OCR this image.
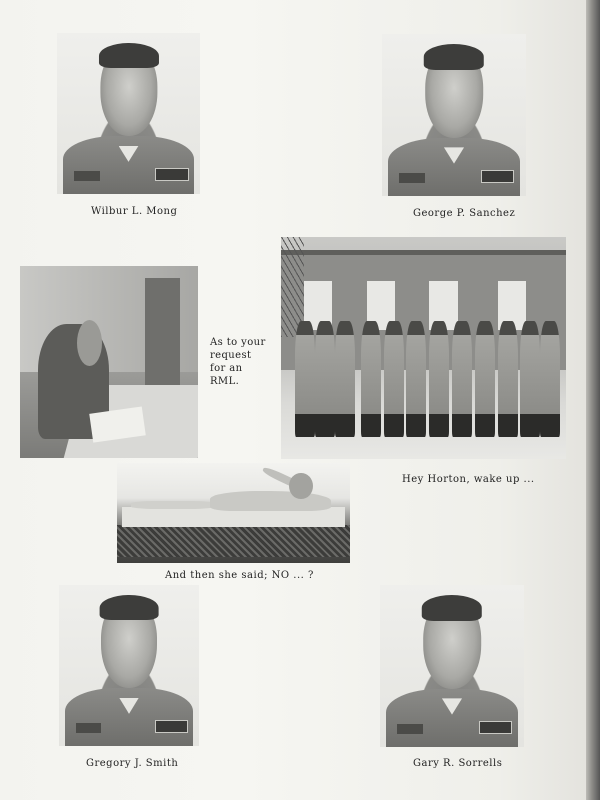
Wilbur L. Mong	George P. Sanchez
As to your
request
for an
RML.
Hey Horton, wake up ...
And then she said; NO ... ?
Gregory J. Smith	Gary R. Sorrells
